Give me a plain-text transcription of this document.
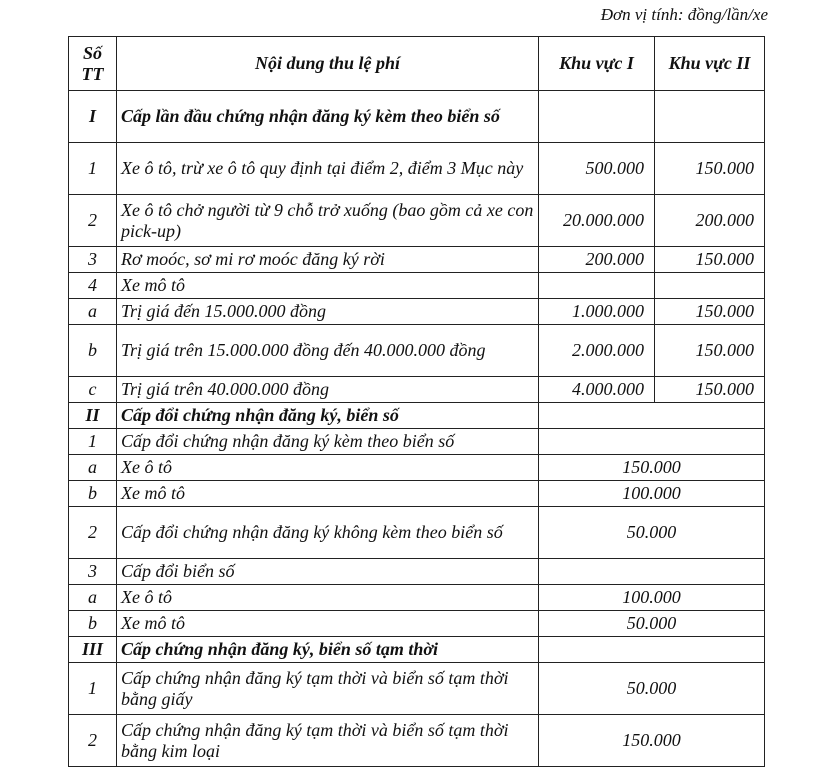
Đơn vị tính: đồng/lần/xe
Số TT	Nội dung thu lệ phí	Khu vực I	Khu vực II
I	Cấp lần đầu chứng nhận đăng ký kèm theo biển số		
1	Xe ô tô, trừ xe ô tô quy định tại điểm 2, điểm 3 Mục này	500.000	150.000
2	Xe ô tô chở người từ 9 chỗ trở xuống (bao gồm cả xe con pick-up)	20.000.000	200.000
3	Rơ moóc, sơ mi rơ moóc đăng ký rời	200.000	150.000
4	Xe mô tô		
a	Trị giá đến 15.000.000 đồng	1.000.000	150.000
b	Trị giá trên 15.000.000 đồng đến 40.000.000 đồng	2.000.000	150.000
c	Trị giá trên 40.000.000 đồng	4.000.000	150.000
II	Cấp đổi chứng nhận đăng ký, biển số		
1	Cấp đổi chứng nhận đăng ký kèm theo biển số		
a	Xe ô tô	150.000	
b	Xe mô tô	100.000	
2	Cấp đổi chứng nhận đăng ký không kèm theo biển số	50.000	
3	Cấp đổi biển số		
a	Xe ô tô	100.000	
b	Xe mô tô	50.000	
III	Cấp chứng nhận đăng ký, biển số tạm thời		
1	Cấp chứng nhận đăng ký tạm thời và biển số tạm thời bằng giấy	50.000	
2	Cấp chứng nhận đăng ký tạm thời và biển số tạm thời bằng kim loại	150.000	
